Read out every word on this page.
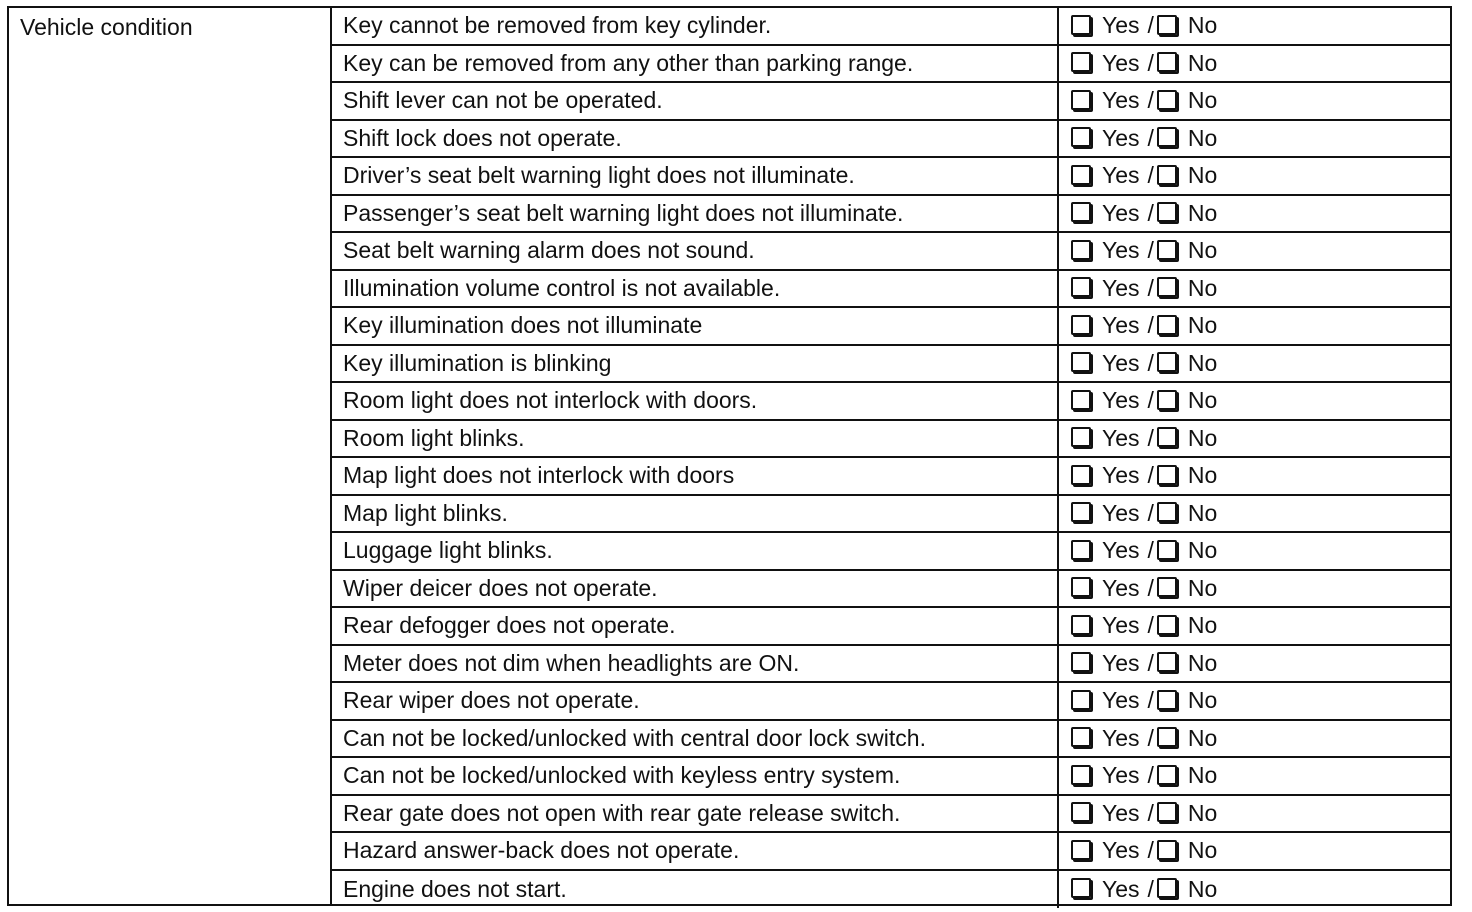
Vehicle condition	Key cannot be removed from key cylinder.	Yes / No
Key can be removed from any other than parking range.	Yes / No
Shift lever can not be operated.	Yes / No
Shift lock does not operate.	Yes / No
Driver’s seat belt warning light does not illuminate.	Yes / No
Passenger’s seat belt warning light does not illuminate.	Yes / No
Seat belt warning alarm does not sound.	Yes / No
Illumination volume control is not available.	Yes / No
Key illumination does not illuminate	Yes / No
Key illumination is blinking	Yes / No
Room light does not interlock with doors.	Yes / No
Room light blinks.	Yes / No
Map light does not interlock with doors	Yes / No
Map light blinks.	Yes / No
Luggage light blinks.	Yes / No
Wiper deicer does not operate.	Yes / No
Rear defogger does not operate.	Yes / No
Meter does not dim when headlights are ON.	Yes / No
Rear wiper does not operate.	Yes / No
Can not be locked/unlocked with central door lock switch.	Yes / No
Can not be locked/unlocked with keyless entry system.	Yes / No
Rear gate does not open with rear gate release switch.	Yes / No
Hazard answer-back does not operate.	Yes / No
Engine does not start.	Yes / No
